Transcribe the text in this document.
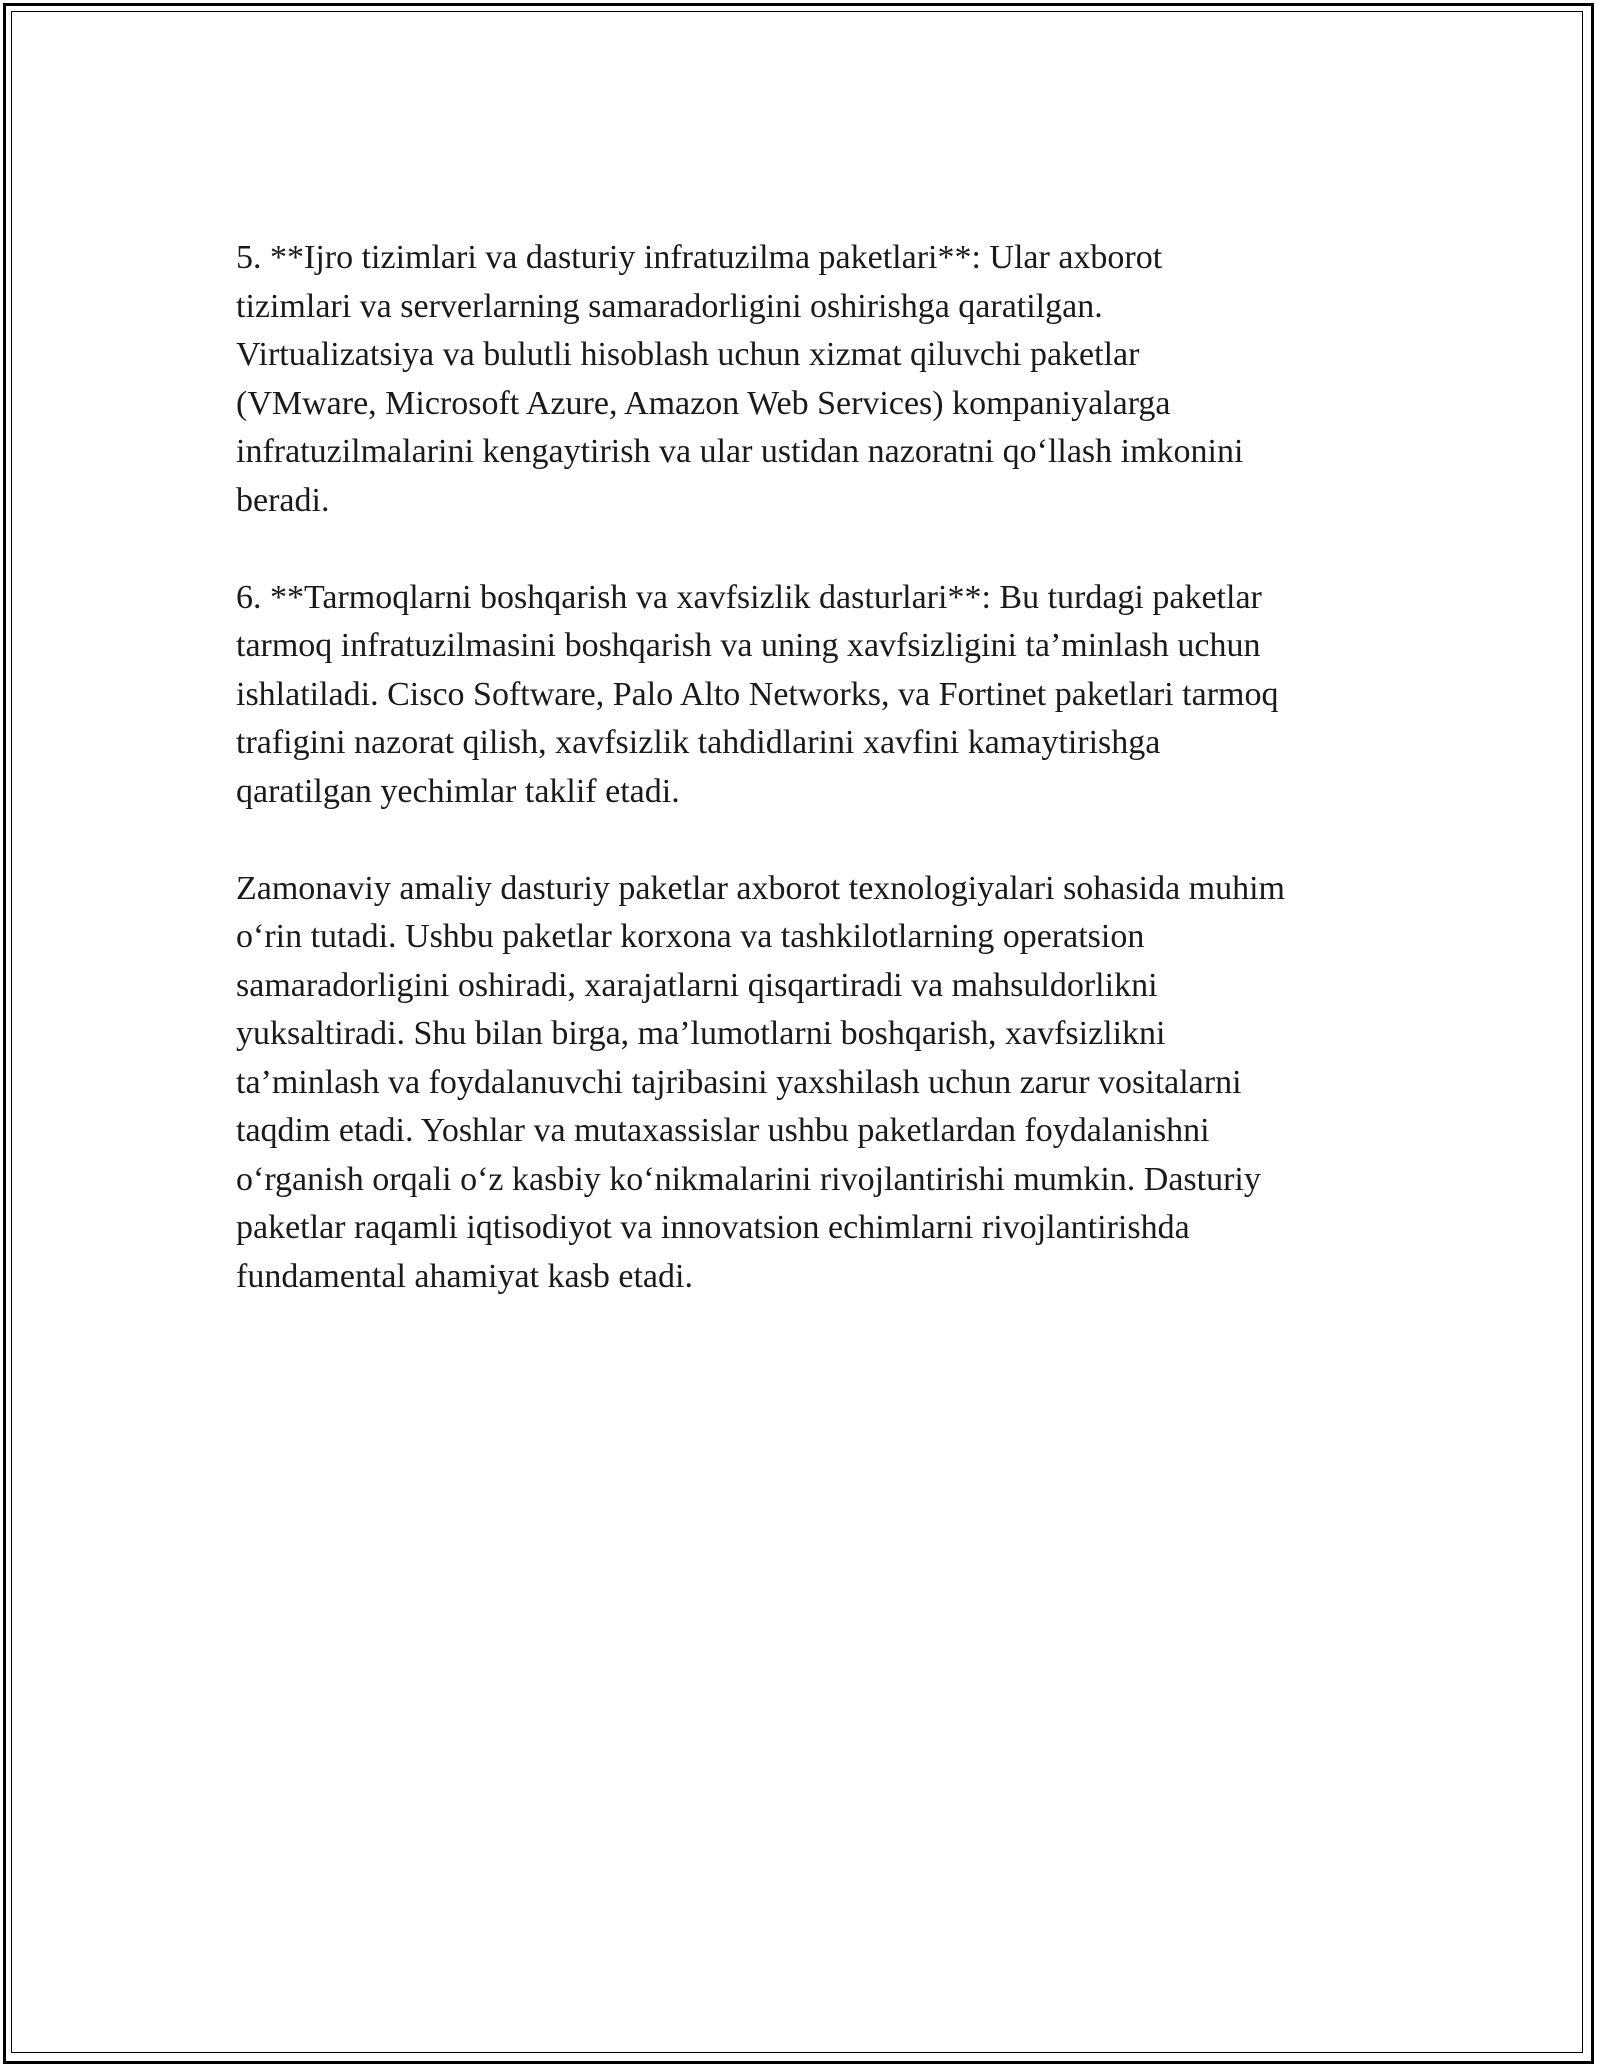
5. **Ijro tizimlari va dasturiy infratuzilma paketlari**: Ular axborot
tizimlari va serverlarning samaradorligini oshirishga qaratilgan.
Virtualizatsiya va bulutli hisoblash uchun xizmat qiluvchi paketlar
(VMware, Microsoft Azure, Amazon Web Services) kompaniyalarga
infratuzilmalarini kengaytirish va ular ustidan nazoratni qo‘llash imkonini
beradi.

6. **Tarmoqlarni boshqarish va xavfsizlik dasturlari**: Bu turdagi paketlar
tarmoq infratuzilmasini boshqarish va uning xavfsizligini ta’minlash uchun
ishlatiladi. Cisco Software, Palo Alto Networks, va Fortinet paketlari tarmoq
trafigini nazorat qilish, xavfsizlik tahdidlarini xavfini kamaytirishga
qaratilgan yechimlar taklif etadi.

Zamonaviy amaliy dasturiy paketlar axborot texnologiyalari sohasida muhim
o‘rin tutadi. Ushbu paketlar korxona va tashkilotlarning operatsion
samaradorligini oshiradi, xarajatlarni qisqartiradi va mahsuldorlikni
yuksaltiradi. Shu bilan birga, ma’lumotlarni boshqarish, xavfsizlikni
ta’minlash va foydalanuvchi tajribasini yaxshilash uchun zarur vositalarni
taqdim etadi. Yoshlar va mutaxassislar ushbu paketlardan foydalanishni
o‘rganish orqali o‘z kasbiy ko‘nikmalarini rivojlantirishi mumkin. Dasturiy
paketlar raqamli iqtisodiyot va innovatsion echimlarni rivojlantirishda
fundamental ahamiyat kasb etadi.
